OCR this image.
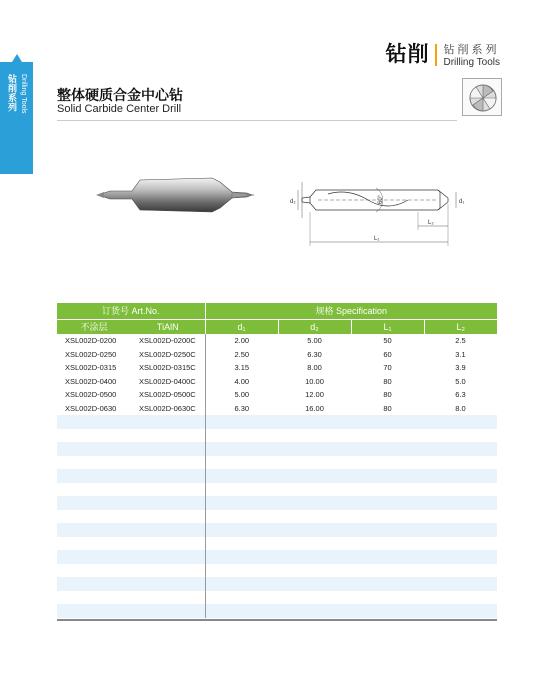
钻削系列 Drilling Tools
钻削 钻削系列
Drilling Tools
整体硬质合金中心钻
Solid Carbide Center Drill
d₂	d₁
60°
L₁
L₂
订货号 Art.No.		规格 Specification			
不涂层	TiAlN	d₁	d₂	L₁	L₂
XSL002D-0200	XSL002D-0200C	2.00	5.00	50	2.5
XSL002D-0250	XSL002D-0250C	2.50	6.30	60	3.1
XSL002D-0315	XSL002D-0315C	3.15	8.00	70	3.9
XSL002D-0400	XSL002D-0400C	4.00	10.00	80	5.0
XSL002D-0500	XSL002D-0500C	5.00	12.00	80	6.3
XSL002D-0630	XSL002D-0630C	6.30	16.00	80	8.0
